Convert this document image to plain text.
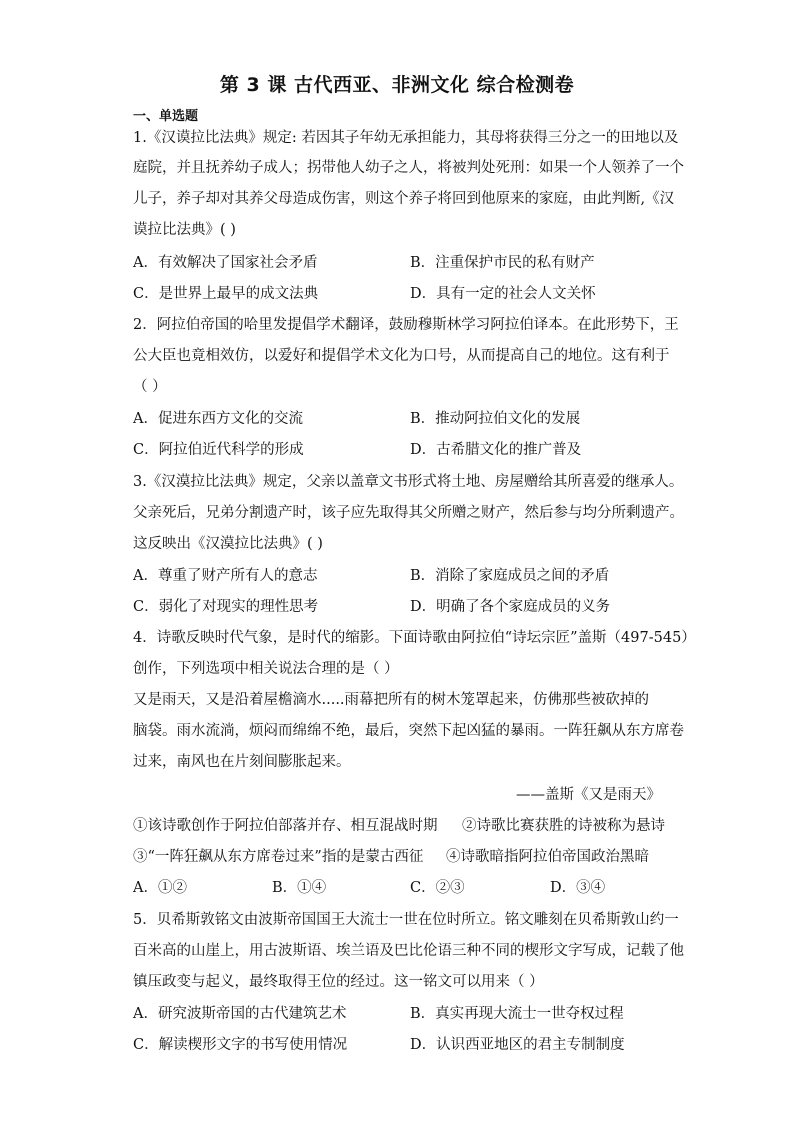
第 3 课 古代西亚、非洲文化 综合检测卷
一、单选题
1.《汉谟拉比法典》规定: 若因其子年幼无承担能力，其母将获得三分之一的田地以及
庭院，并且抚养幼子成人；拐带他人幼子之人，将被判处死刑：如果一个人领养了一个
儿子，养子却对其养父母造成伤害，则这个养子将回到他原来的家庭，由此判断,《汉
谟拉比法典》( )
A．有效解决了国家社会矛盾	B．注重保护市民的私有财产
C．是世界上最早的成文法典	D．具有一定的社会人文关怀
2．阿拉伯帝国的哈里发提倡学术翻译，鼓励穆斯林学习阿拉伯译本。在此形势下，王
公大臣也竟相效仿，以爱好和提倡学术文化为口号，从而提高自己的地位。这有利于
（ ）
A．促进东西方文化的交流	B．推动阿拉伯文化的发展
C．阿拉伯近代科学的形成	D．古希腊文化的推广普及
3.《汉漠拉比法典》规定，父亲以盖章文书形式将土地、房屋赠给其所喜爱的继承人。
父亲死后，兄弟分割遗产时，该子应先取得其父所赠之财产，然后参与均分所剩遗产。
这反映出《汉漠拉比法典》( )
A．尊重了财产所有人的意志	B．消除了家庭成员之间的矛盾
C．弱化了对现实的理性思考	D．明确了各个家庭成员的义务
4．诗歌反映时代气象，是时代的缩影。下面诗歌由阿拉伯“诗坛宗匠”盖斯（497-545）
创作，下列选项中相关说法合理的是（ ）
又是雨天，又是沿着屋檐滴水.....雨幕把所有的树木笼罩起来，仿佛那些被砍掉的
脑袋。雨水流淌，烦闷而绵绵不绝，最后，突然下起凶猛的暴雨。一阵狂飙从东方席卷
过来，南风也在片刻间膨胀起来。
——盖斯《又是雨天》
①该诗歌创作于阿拉伯部落并存、相互混战时期 ②诗歌比赛获胜的诗被称为悬诗
③“一阵狂飙从东方席卷过来”指的是蒙古西征 ④诗歌暗指阿拉伯帝国政治黑暗
A．①②	B．①④	C．②③	D．③④
5．贝希斯敦铭文由波斯帝国国王大流士一世在位时所立。铭文雕刻在贝希斯敦山约一
百米高的山崖上，用古波斯语、埃兰语及巴比伦语三种不同的楔形文字写成，记载了他
镇压政变与起义，最终取得王位的经过。这一铭文可以用来（ ）
A．研究波斯帝国的古代建筑艺术	B．真实再现大流士一世夺权过程
C．解读楔形文字的书写使用情况	D．认识西亚地区的君主专制制度
